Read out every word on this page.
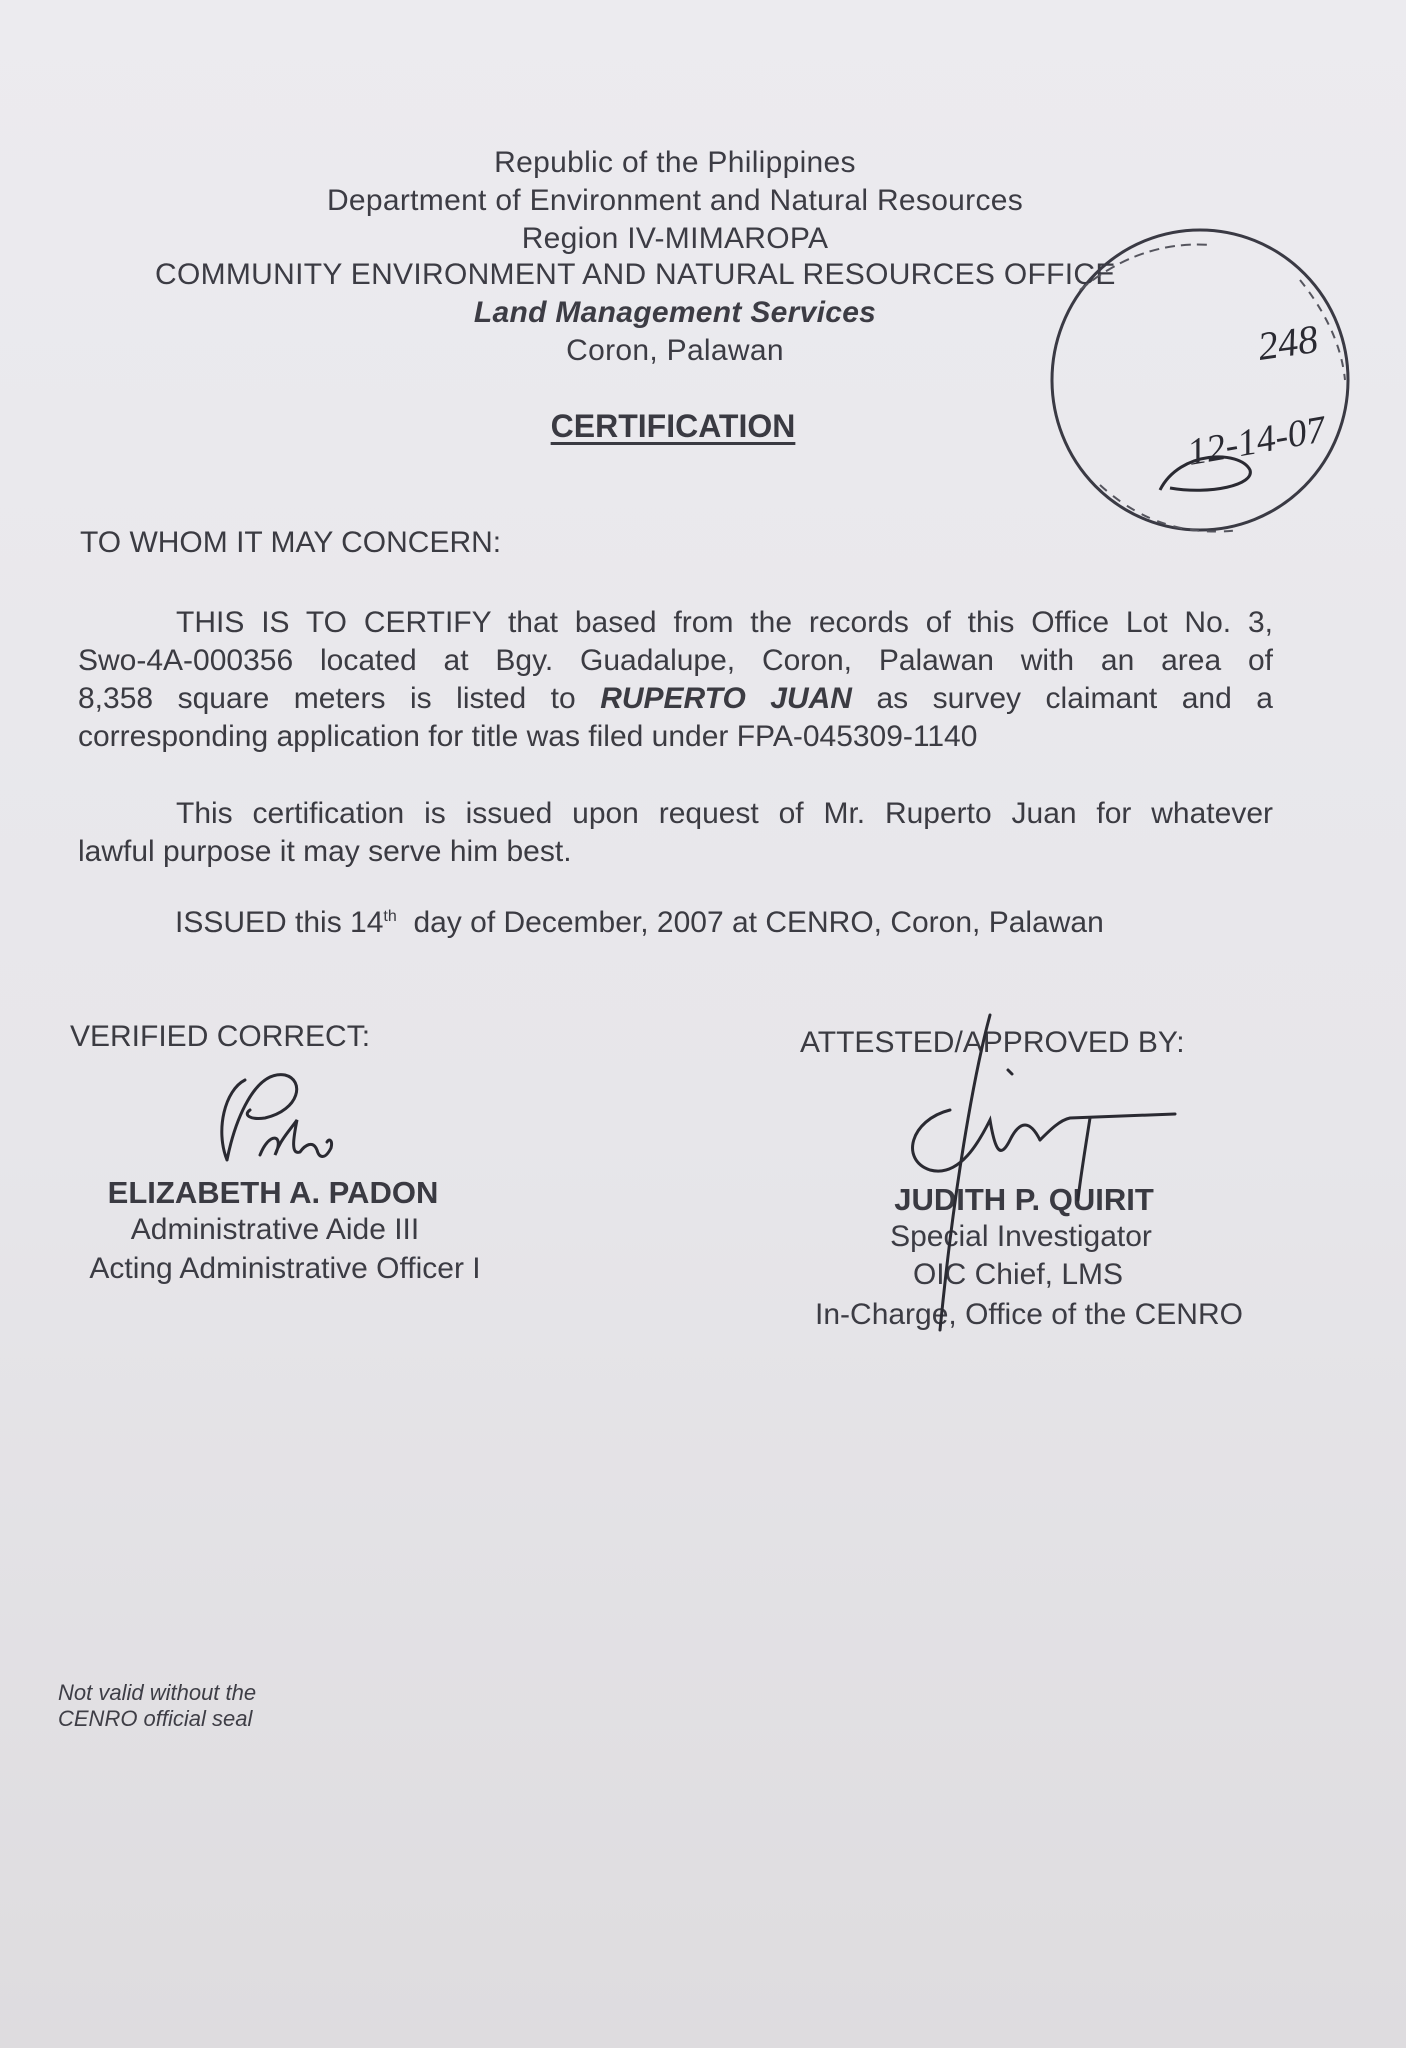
Republic of the Philippines

Department of Environment and Natural Resources

Region IV-MIMAROPA

COMMUNITY ENVIRONMENT AND NATURAL RESOURCES OFFICE

Land Management Services

Coron, Palawan

CERTIFICATION

TO WHOM IT MAY CONCERN:

THIS IS TO CERTIFY that based from the records of this Office Lot No. 3,
Swo-4A-000356 located at Bgy. Guadalupe, Coron, Palawan with an area of
8,358 square meters is listed to RUPERTO JUAN as survey claimant and a
corresponding application for title was filed under FPA-045309-1140
This certification is issued upon request of Mr. Ruperto Juan for whatever
lawful purpose it may serve him best.

ISSUED this 14th day of December, 2007 at CENRO, Coron, Palawan

VERIFIED CORRECT:

ELIZABETH A. PADON

Administrative Aide III

Acting Administrative Officer I

ATTESTED/APPROVED BY:

JUDITH P. QUIRIT

Special Investigator

OIC Chief, LMS

In-Charge, Office of the CENRO

248
12-14-07

Not valid without the

CENRO official seal
